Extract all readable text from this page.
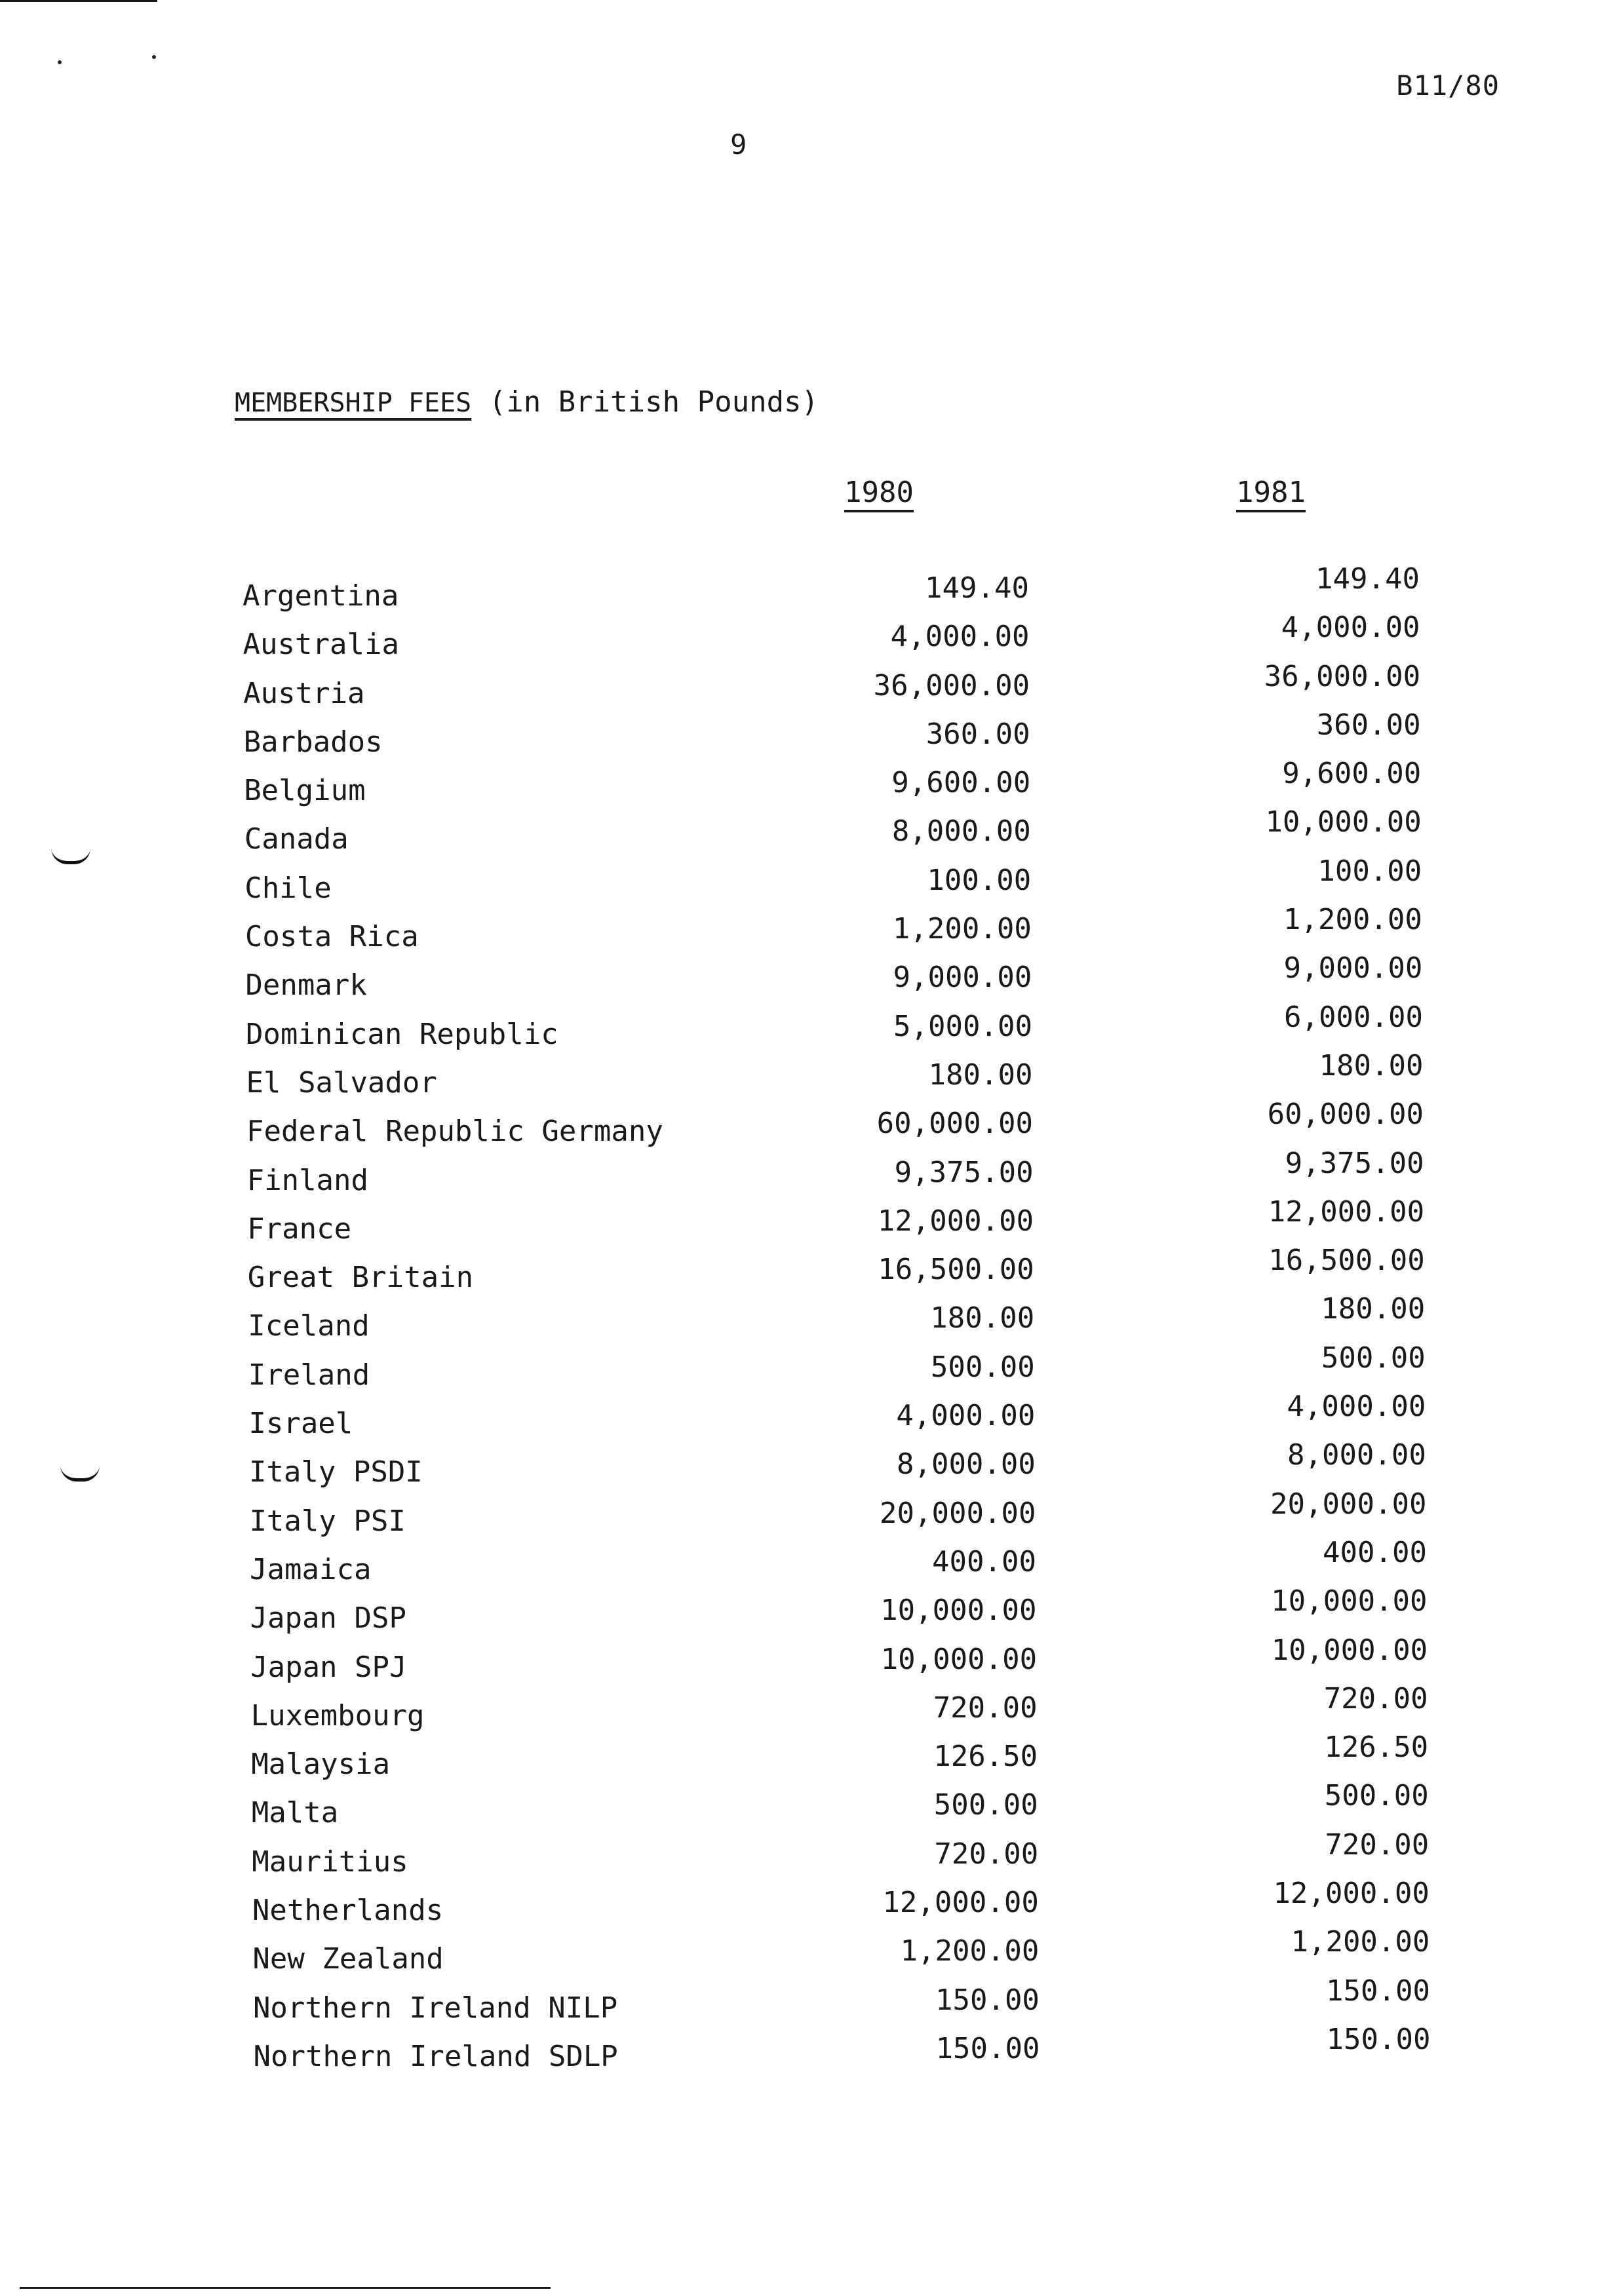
B11/80
9
MEMBERSHIP FEES (in British Pounds)
1980	1981
Argentina	149.40	149.40
Australia	4,000.00	4,000.00
Austria	36,000.00	36,000.00
Barbados	360.00	360.00
Belgium	9,600.00	9,600.00
Canada	8,000.00	10,000.00
Chile	100.00	100.00
Costa Rica	1,200.00	1,200.00
Denmark	9,000.00	9,000.00
Dominican Republic	5,000.00	6,000.00
El Salvador	180.00	180.00
Federal Republic Germany	60,000.00	60,000.00
Finland	9,375.00	9,375.00
France	12,000.00	12,000.00
Great Britain	16,500.00	16,500.00
Iceland	180.00	180.00
Ireland	500.00	500.00
Israel	4,000.00	4,000.00
Italy PSDI	8,000.00	8,000.00
Italy PSI	20,000.00	20,000.00
Jamaica	400.00	400.00
Japan DSP	10,000.00	10,000.00
Japan SPJ	10,000.00	10,000.00
Luxembourg	720.00	720.00
Malaysia	126.50	126.50
Malta	500.00	500.00
Mauritius	720.00	720.00
Netherlands	12,000.00	12,000.00
New Zealand	1,200.00	1,200.00
Northern Ireland NILP	150.00	150.00
Northern Ireland SDLP	150.00	150.00
